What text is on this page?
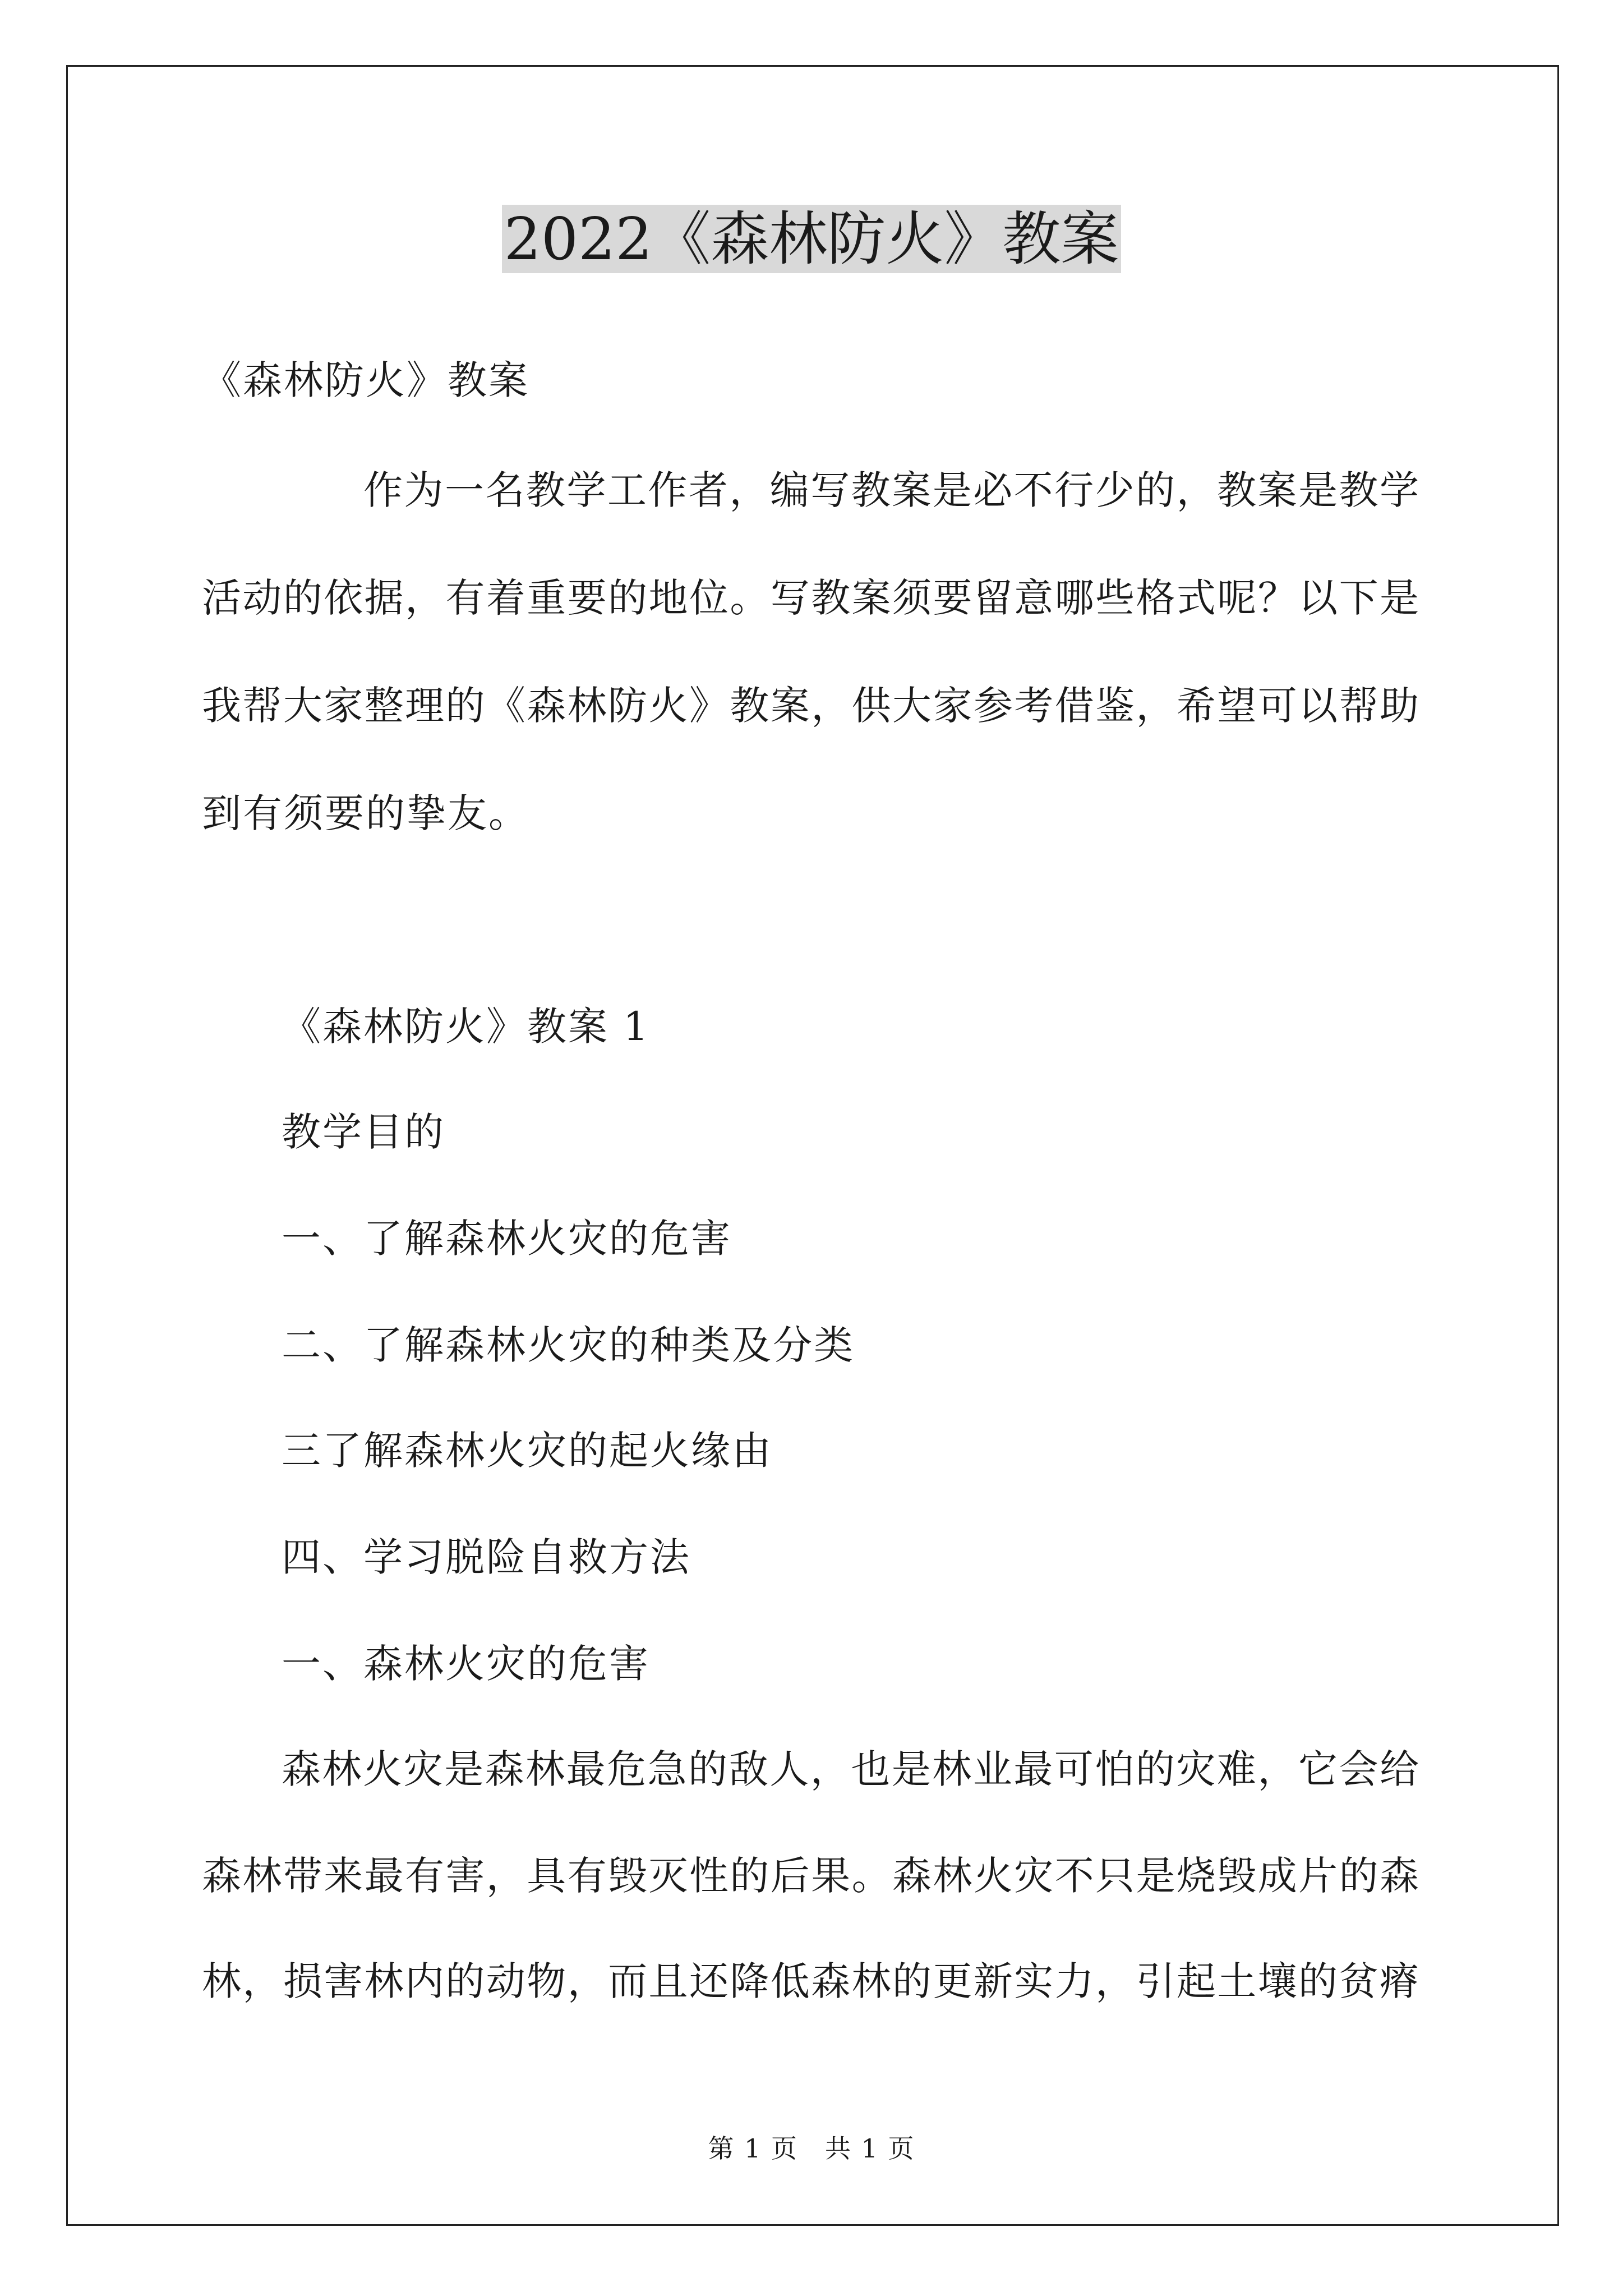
2022《森林防火》教案

《森林防火》教案

作为一名教学工作者，编写教案是必不行少的，教案是教学

活动的依据，有着重要的地位。写教案须要留意哪些格式呢？以下是

我帮大家整理的《森林防火》教案，供大家参考借鉴，希望可以帮助

到有须要的挚友。

《森林防火》教案 1

教学目的

一、了解森林火灾的危害

二、了解森林火灾的种类及分类

三了解森林火灾的起火缘由

四、学习脱险自救方法

一、森林火灾的危害

森林火灾是森林最危急的敌人，也是林业最可怕的灾难，它会给

森林带来最有害，具有毁灭性的后果。森林火灾不只是烧毁成片的森

林，损害林内的动物，而且还降低森林的更新实力，引起土壤的贫瘠

第 1 页　共 1 页
